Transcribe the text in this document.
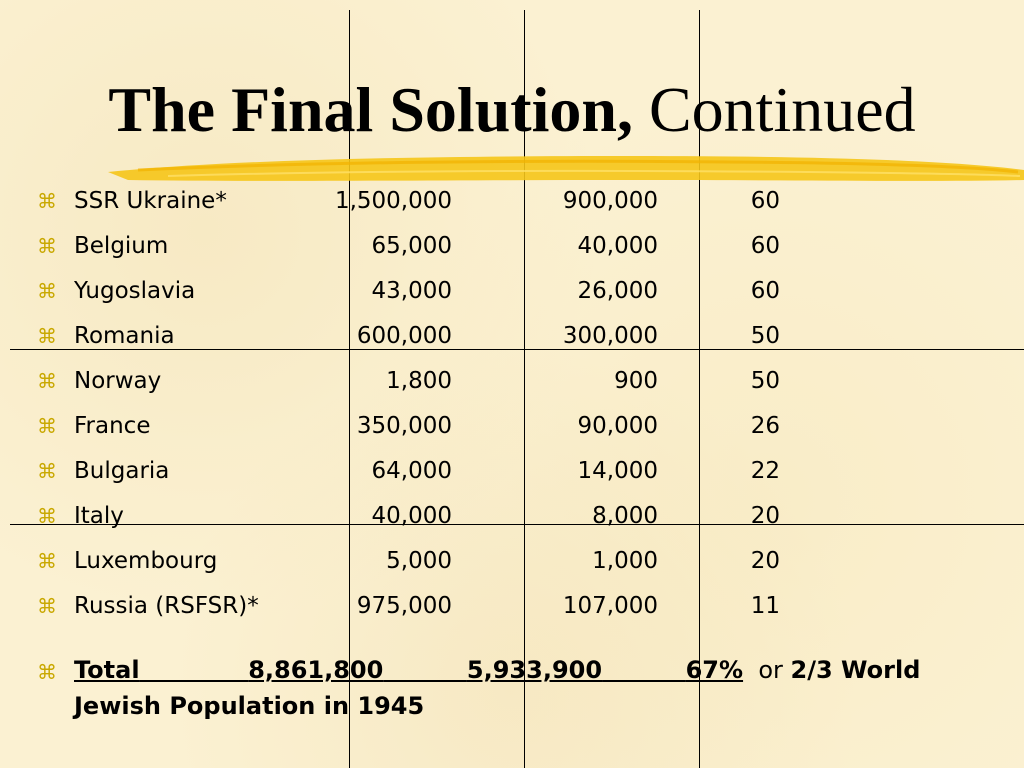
The Final Solution, Continued
⌘ SSR Ukraine*	1,500,000	900,000	60
⌘ Belgium	65,000	40,000	60
⌘ Yugoslavia	43,000	26,000	60
⌘ Romania	600,000	300,000	50
⌘ Norway	1,800	900	50
⌘ France	350,000	90,000	26
⌘ Bulgaria	64,000	14,000	22
⌘ Italy	40,000	8,000	20
⌘ Luxembourg	5,000	1,000	20
⌘ Russia (RSFSR)*	975,000	107,000	11
⌘ Total	8,861,800	5,933,900	67% or 2/3 World
Jewish Population in 1945
